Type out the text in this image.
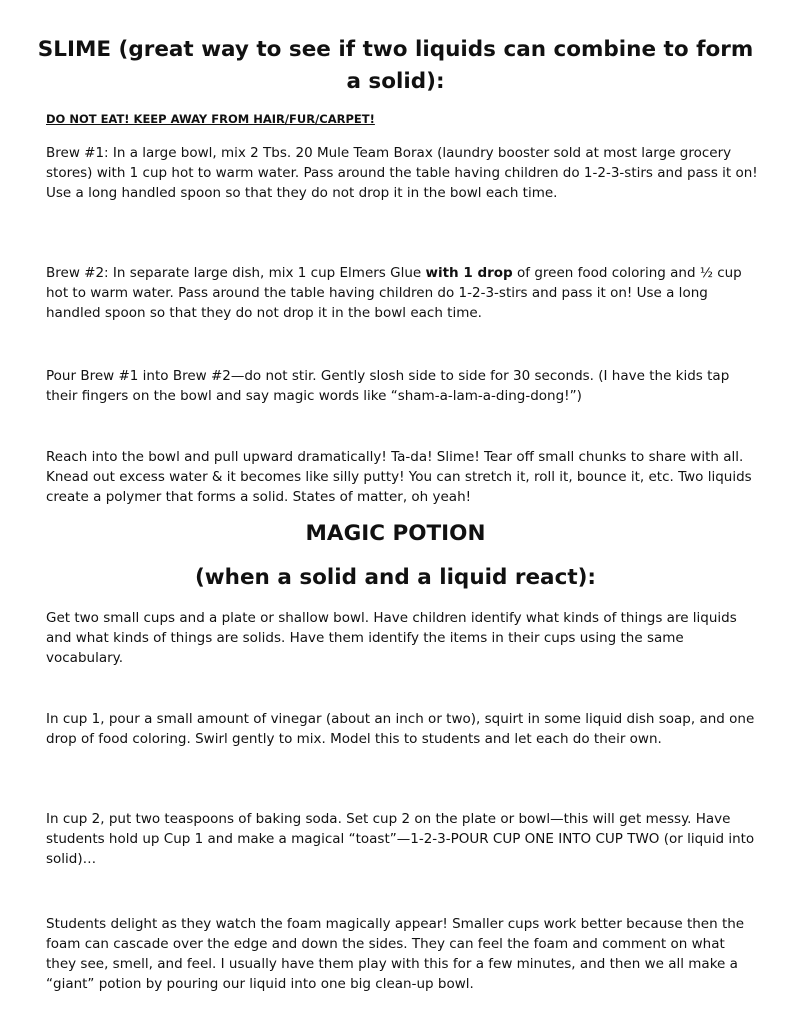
SLIME (great way to see if two liquids can combine to form a solid):

DO NOT EAT! KEEP AWAY FROM HAIR/FUR/CARPET!

Brew #1: In a large bowl, mix 2 Tbs. 20 Mule Team Borax (laundry booster sold at most large grocery stores) with 1 cup hot to warm water. Pass around the table having children do 1-2-3-stirs and pass it on! Use a long handled spoon so that they do not drop it in the bowl each time.

Brew #2: In separate large dish, mix 1 cup Elmers Glue with 1 drop of green food coloring and ½ cup hot to warm water. Pass around the table having children do 1-2-3-stirs and pass it on! Use a long handled spoon so that they do not drop it in the bowl each time.

Pour Brew #1 into Brew #2—do not stir. Gently slosh side to side for 30 seconds. (I have the kids tap their fingers on the bowl and say magic words like “sham-a-lam-a-ding-dong!”)

Reach into the bowl and pull upward dramatically! Ta-da! Slime! Tear off small chunks to share with all. Knead out excess water & it becomes like silly putty! You can stretch it, roll it, bounce it, etc. Two liquids create a polymer that forms a solid. States of matter, oh yeah!

MAGIC POTION
(when a solid and a liquid react):

Get two small cups and a plate or shallow bowl. Have children identify what kinds of things are liquids and what kinds of things are solids. Have them identify the items in their cups using the same vocabulary.

In cup 1, pour a small amount of vinegar (about an inch or two), squirt in some liquid dish soap, and one drop of food coloring. Swirl gently to mix. Model this to students and let each do their own.

In cup 2, put two teaspoons of baking soda. Set cup 2 on the plate or bowl—this will get messy. Have students hold up Cup 1 and make a magical “toast”—1-2-3-POUR CUP ONE INTO CUP TWO (or liquid into solid)…

Students delight as they watch the foam magically appear! Smaller cups work better because then the foam can cascade over the edge and down the sides. They can feel the foam and comment on what they see, smell, and feel. I usually have them play with this for a few minutes, and then we all make a “giant” potion by pouring our liquid into one big clean-up bowl.
